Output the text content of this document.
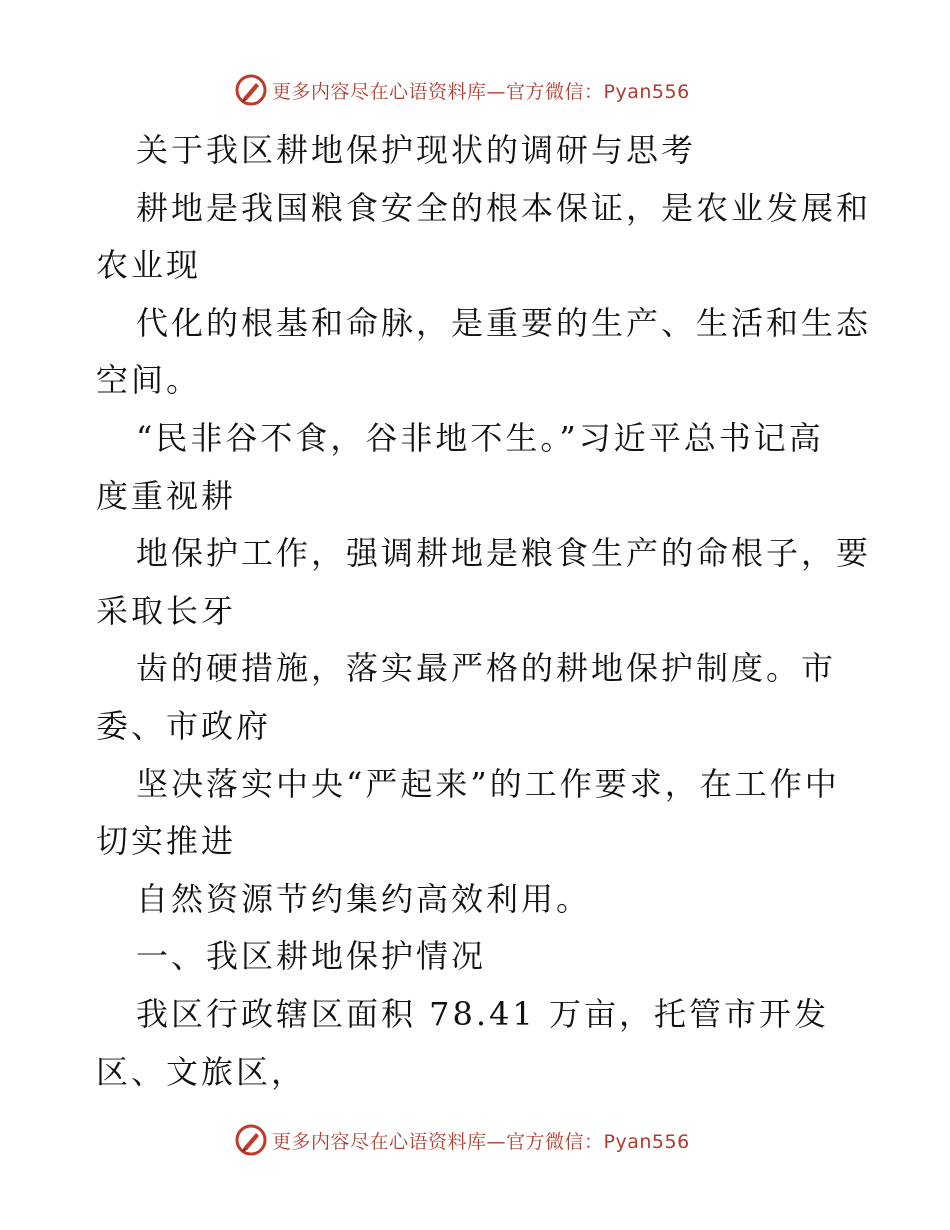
更多内容尽在心语资料库—官方微信：Pyan556
关于我区耕地保护现状的调研与思考
耕地是我国粮食安全的根本保证，是农业发展和
农业现
代化的根基和命脉，是重要的生产、生活和生态
空间。
“民非谷不食，谷非地不生。”习近平总书记高
度重视耕
地保护工作，强调耕地是粮食生产的命根子，要
采取长牙
齿的硬措施，落实最严格的耕地保护制度。市
委、市政府
坚决落实中央“严起来”的工作要求，在工作中
切实推进
自然资源节约集约高效利用。
一、我区耕地保护情况
我区行政辖区面积 78.41 万亩，托管市开发
区、文旅区，
更多内容尽在心语资料库—官方微信：Pyan556
